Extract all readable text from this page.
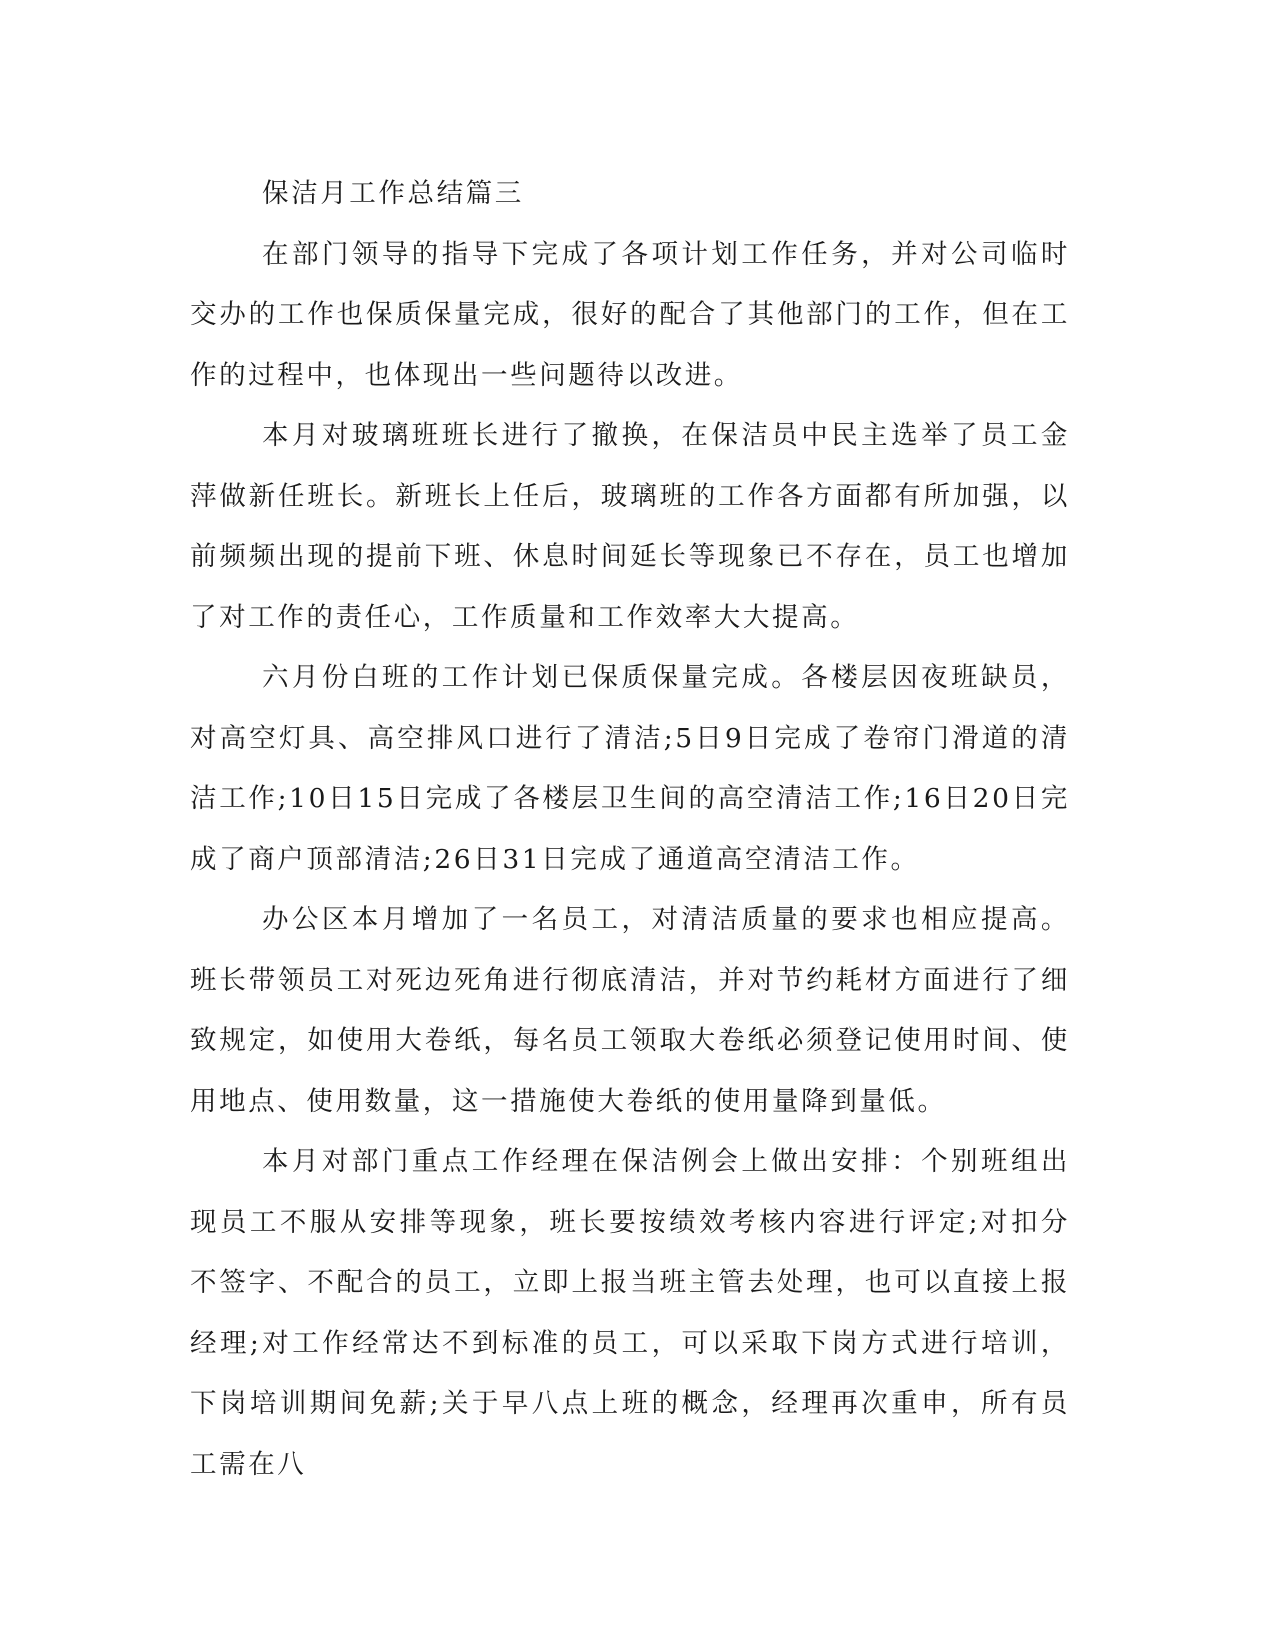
保洁月工作总结篇三

在部门领导的指导下完成了各项计划工作任务，并对公司临时交办的工作也保质保量完成，很好的配合了其他部门的工作，但在工作的过程中，也体现出一些问题待以改进。

本月对玻璃班班长进行了撤换，在保洁员中民主选举了员工金萍做新任班长。新班长上任后，玻璃班的工作各方面都有所加强，以前频频出现的提前下班、休息时间延长等现象已不存在，员工也增加了对工作的责任心，工作质量和工作效率大大提高。

六月份白班的工作计划已保质保量完成。各楼层因夜班缺员，对高空灯具、高空排风口进行了清洁;5日9日完成了卷帘门滑道的清洁工作;10日15日完成了各楼层卫生间的高空清洁工作;16日20日完成了商户顶部清洁;26日31日完成了通道高空清洁工作。

办公区本月增加了一名员工，对清洁质量的要求也相应提高。班长带领员工对死边死角进行彻底清洁，并对节约耗材方面进行了细致规定，如使用大卷纸，每名员工领取大卷纸必须登记使用时间、使用地点、使用数量，这一措施使大卷纸的使用量降到量低。

本月对部门重点工作经理在保洁例会上做出安排：个别班组出现员工不服从安排等现象，班长要按绩效考核内容进行评定;对扣分不签字、不配合的员工，立即上报当班主管去处理，也可以直接上报经理;对工作经常达不到标准的员工，可以采取下岗方式进行培训，下岗培训期间免薪;关于早八点上班的概念，经理再次重申，所有员工需在八
